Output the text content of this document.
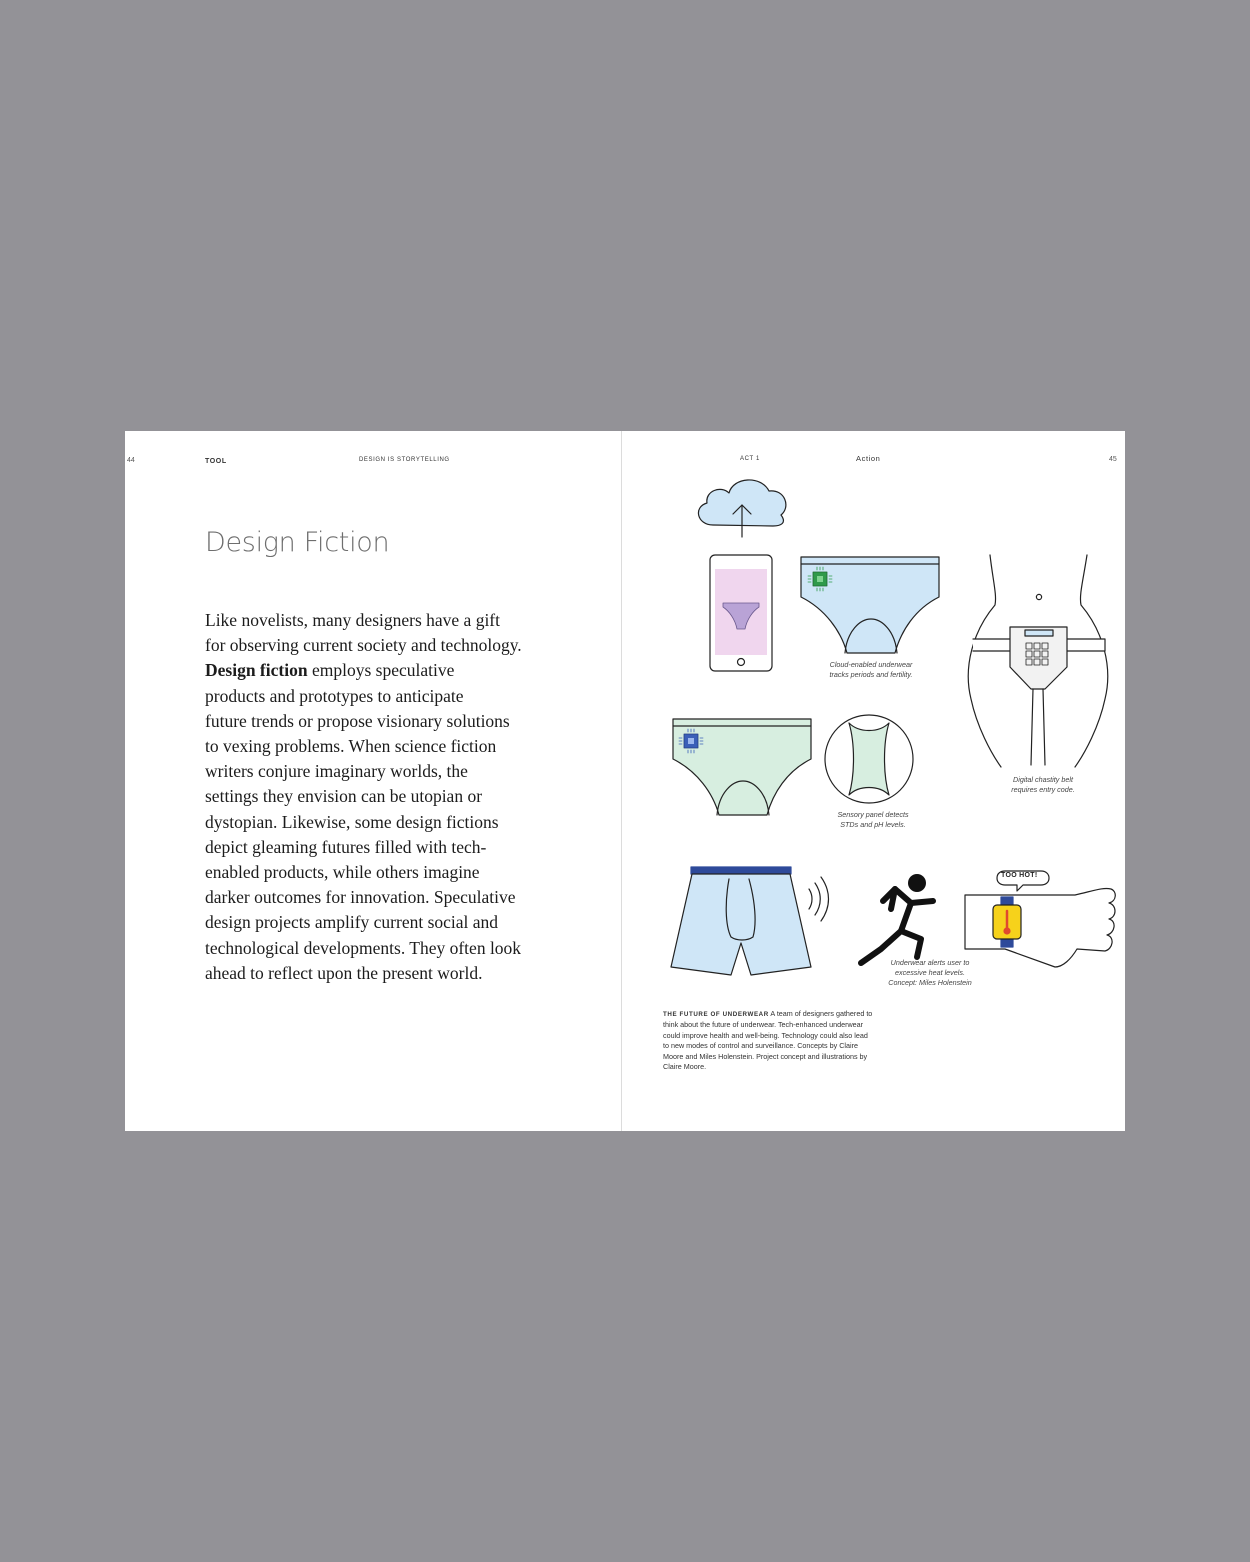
44	TOOL	DESIGN IS STORYTELLING
Design Fiction
Like novelists, many designers have a gift
for observing current society and technology.
Design fiction employs speculative
products and prototypes to anticipate
future trends or propose visionary solutions
to vexing problems. When science fiction
writers conjure imaginary worlds, the
settings they envision can be utopian or
dystopian. Likewise, some design fictions
depict gleaming futures filled with tech-
enabled products, while others imagine
darker outcomes for innovation. Speculative
design projects amplify current social and
technological developments. They often look
ahead to reflect upon the present world.
ACT 1	Action	45
Cloud-enabled underwear
tracks periods and fertility.
Digital chastity belt
requires entry code.
Sensory panel detects
STDs and pH levels.
Underwear alerts user to
excessive heat levels.
Concept: Miles Holenstein
TOO HOT!
THE FUTURE OF UNDERWEAR A team of designers gathered to
think about the future of underwear. Tech-enhanced underwear
could improve health and well-being. Technology could also lead
to new modes of control and surveillance. Concepts by Claire
Moore and Miles Holenstein. Project concept and illustrations by
Claire Moore.
